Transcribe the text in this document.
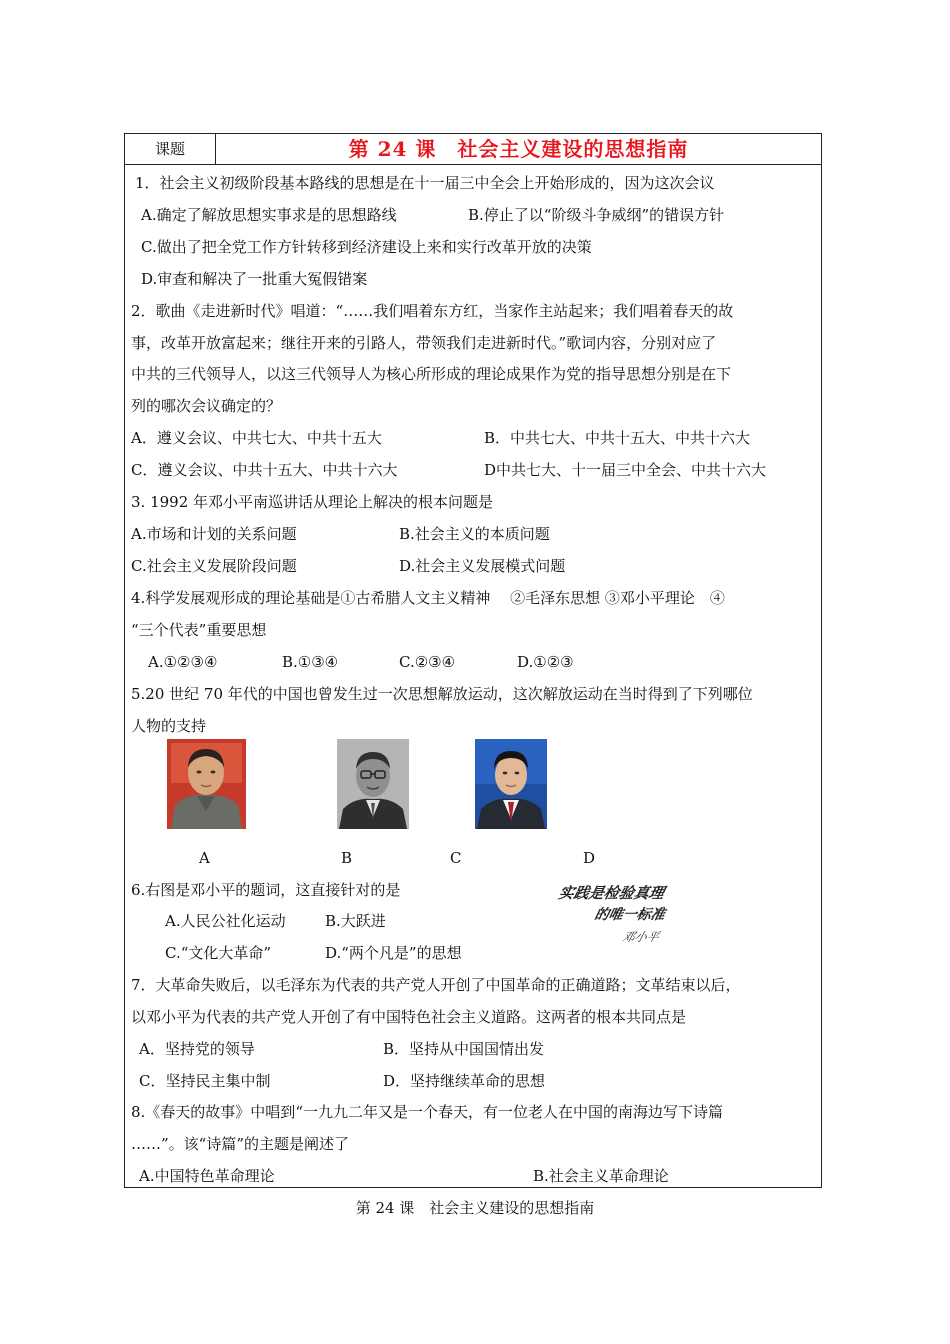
课题	第 24 课　社会主义建设的思想指南
1．社会主义初级阶段基本路线的思想是在十一届三中全会上开始形成的，因为这次会议
A.确定了解放思想实事求是的思想路线	B.停止了以“阶级斗争威纲”的错误方针
C.做出了把全党工作方针转移到经济建设上来和实行改革开放的决策
D.审查和解决了一批重大冤假错案
2．歌曲《走进新时代》唱道：“……我们唱着东方红，当家作主站起来；我们唱着春天的故
事，改革开放富起来；继往开来的引路人，带领我们走进新时代。”歌词内容，分别对应了
中共的三代领导人，以这三代领导人为核心所形成的理论成果作为党的指导思想分别是在下
列的哪次会议确定的？
A．遵义会议、中共七大、中共十五大	B．中共七大、中共十五大、中共十六大
C．遵义会议、中共十五大、中共十六大	D中共七大、十一届三中全会、中共十六大
3. 1992 年邓小平南巡讲话从理论上解决的根本问题是
A.市场和计划的关系问题	B.社会主义的本质问题
C.社会主义发展阶段问题	D.社会主义发展模式问题
4.科学发展观形成的理论基础是①古希腊人文主义精神　 ②毛泽东思想 ③邓小平理论　④
“三个代表”重要思想
A.①②③④	B.①③④	C.②③④	D.①②③
5.20 世纪 70 年代的中国也曾发生过一次思想解放运动，这次解放运动在当时得到了下列哪位
人物的支持
A	B	C	D
6.右图是邓小平的题词，这直接针对的是
A.人民公社化运动	B.大跃进
C.“文化大革命”	D.“两个凡是”的思想
实践是检验真理
的唯一标准
邓小平
7．大革命失败后，以毛泽东为代表的共产党人开创了中国革命的正确道路；文革结束以后，
以邓小平为代表的共产党人开创了有中国特色社会主义道路。这两者的根本共同点是
A．坚持党的领导	B．坚持从中国国情出发
C．坚持民主集中制	D．坚持继续革命的思想
8.《春天的故事》中唱到“一九九二年又是一个春天，有一位老人在中国的南海边写下诗篇
……”。该“诗篇”的主题是阐述了
A.中国特色革命理论	B.社会主义革命理论
第 24 课　社会主义建设的思想指南
